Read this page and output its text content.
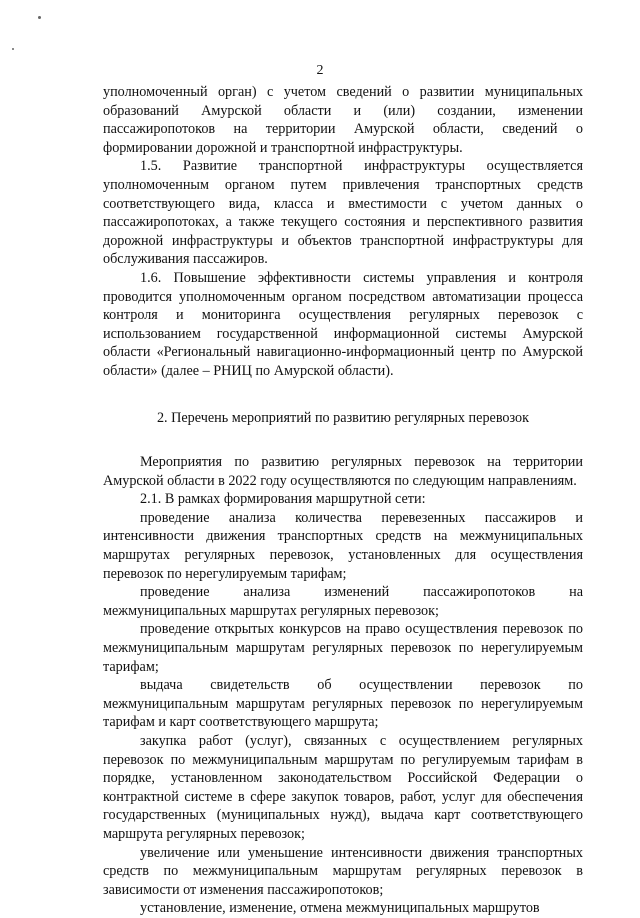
2

уполномоченный орган) с учетом сведений о развитии муниципальных образований Амурской области и (или) создании, изменении пассажиропотоков на территории Амурской области, сведений о формировании дорожной и транспортной инфраструктуры.

1.5. Развитие транспортной инфраструктуры осуществляется уполномоченным органом путем привлечения транспортных средств соответствующего вида, класса и вместимости с учетом данных о пассажиропотоках, а также текущего состояния и перспективного развития дорожной инфраструктуры и объектов транспортной инфраструктуры для обслуживания пассажиров.

1.6. Повышение эффективности системы управления и контроля проводится уполномоченным органом посредством автоматизации процесса контроля и мониторинга осуществления регулярных перевозок с использованием государственной информационной системы Амурской области «Региональный навигационно-информационный центр по Амурской области» (далее – РНИЦ по Амурской области).

2. Перечень мероприятий по развитию регулярных перевозок

Мероприятия по развитию регулярных перевозок на территории Амурской области в 2022 году осуществляются по следующим направлениям.

2.1. В рамках формирования маршрутной сети:

проведение анализа количества перевезенных пассажиров и интенсивности движения транспортных средств на межмуниципальных маршрутах регулярных перевозок, установленных для осуществления перевозок по нерегулируемым тарифам;

проведение анализа изменений пассажиропотоков на межмуниципальных маршрутах регулярных перевозок;

проведение открытых конкурсов на право осуществления перевозок по межмуниципальным маршрутам регулярных перевозок по нерегулируемым тарифам;

выдача свидетельств об осуществлении перевозок по межмуниципальным маршрутам регулярных перевозок по нерегулируемым тарифам и карт соответствующего маршрута;

закупка работ (услуг), связанных с осуществлением регулярных перевозок по межмуниципальным маршрутам по регулируемым тарифам в порядке, установленном законодательством Российской Федерации о контрактной системе в сфере закупок товаров, работ, услуг для обеспечения государственных (муниципальных нужд), выдача карт соответствующего маршрута регулярных перевозок;

увеличение или уменьшение интенсивности движения транспортных средств по межмуниципальным маршрутам регулярных перевозок в зависимости от изменения пассажиропотоков;

установление, изменение, отмена межмуниципальных маршрутов
